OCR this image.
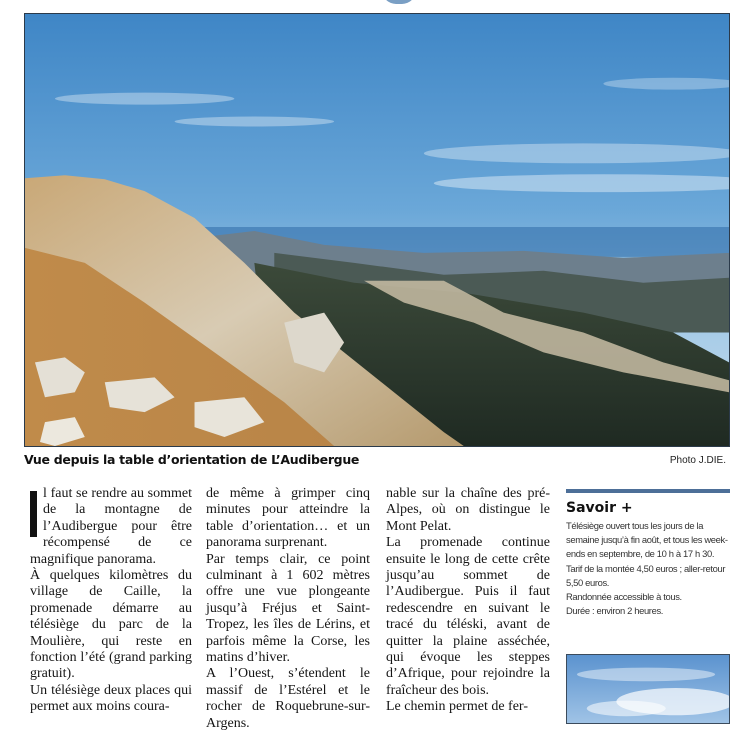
Vue depuis la table d’orientation de L’Audibergue	Photo J.DIE.

l faut se rendre au sommet de la montagne de l’Audibergue pour être récompensé de ce magnifique panorama.

À quelques kilomètres du village de Caille, la promenade démarre au télésiège du parc de la Moulière, qui reste en fonction l’été (grand parking gratuit).

Un télésiège deux places qui permet aux moins coura-

de même à grimper cinq minutes pour atteindre la table d’orientation… et un panorama surprenant.

Par temps clair, ce point culminant à 1 602 mètres offre une vue plongeante jusqu’à Fréjus et Saint-Tropez, les îles de Lérins, et parfois même la Corse, les matins d’hiver.

A l’Ouest, s’étendent le massif de l’Estérel et le rocher de Roquebrune-sur-Argens.

nable sur la chaîne des pré-Alpes, où on distingue le Mont Pelat.

La promenade continue ensuite le long de cette crête jusqu’au sommet de l’Audibergue. Puis il faut redescendre en suivant le tracé du téléski, avant de quitter la plaine asséchée, qui évoque les steppes d’Afrique, pour rejoindre la fraîcheur des bois.

Le chemin permet de fer-

Savoir +

Télésiège ouvert tous les jours de la semaine jusqu’à fin août, et tous les week-ends en septembre, de 10 h à 17 h 30.

Tarif de la montée 4,50 euros ; aller-retour 5,50 euros.

Randonnée accessible à tous.

Durée : environ 2 heures.
